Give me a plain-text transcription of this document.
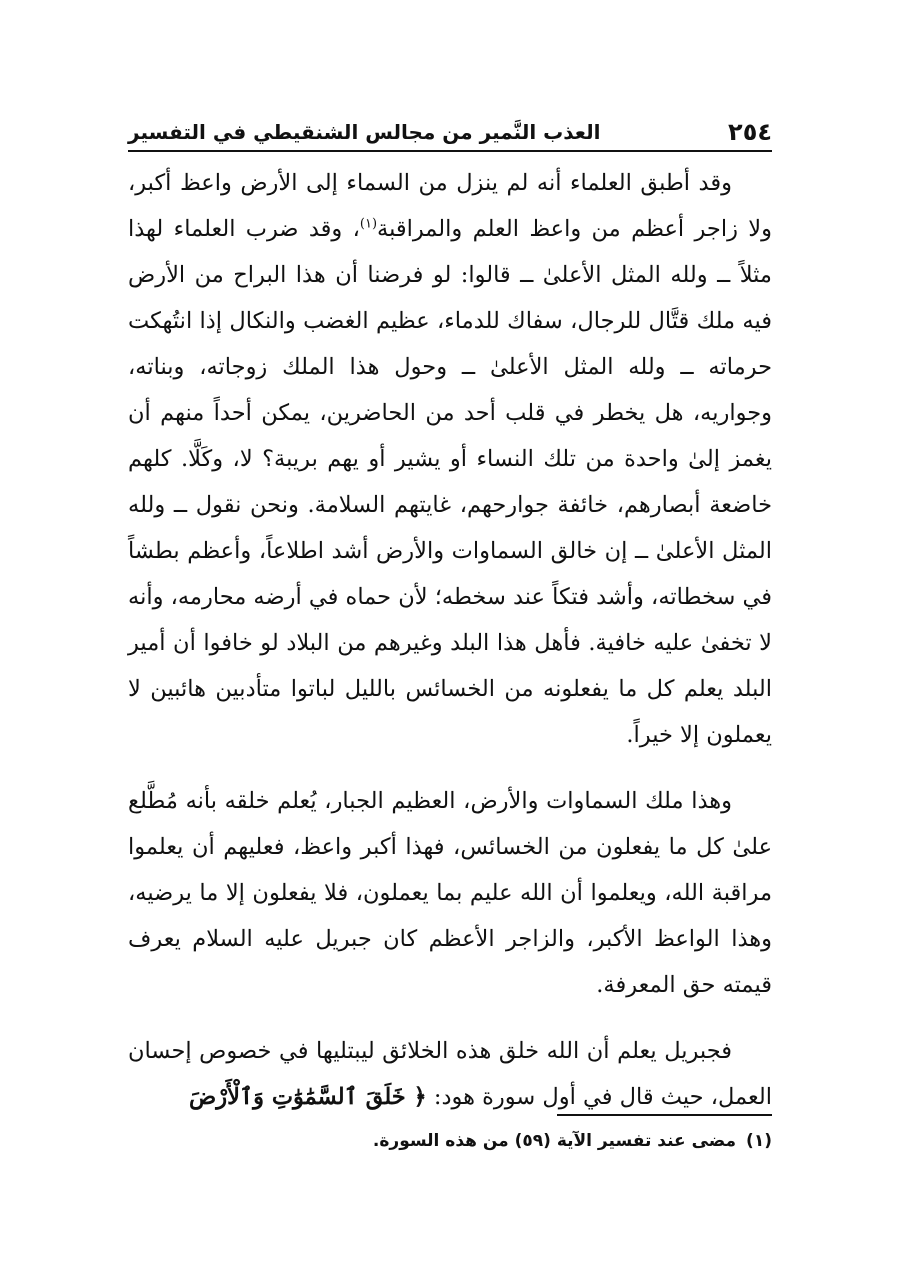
٢٥٤
العذب النَّمير من مجالس الشنقيطي في التفسير

وقد أطبق العلماء أنه لم ينزل من السماء إلى الأرض واعظ أكبر، ولا زاجر أعظم من واعظ العلم والمراقبة$^{(١)}$، وقد ضرب العلماء لهذا مثلاً ــ ولله المثل الأعلىٰ ــ قالوا: لو فرضنا أن هذا البراح من الأرض فيه ملك قتَّال للرجال، سفاك للدماء، عظيم الغضب والنكال إذا انتُهكت حرماته ــ ولله المثل الأعلىٰ ــ وحول هذا الملك زوجاته، وبناته، وجواريه، هل يخطر في قلب أحد من الحاضرين، يمكن أحداً منهم أن يغمز إلىٰ واحدة من تلك النساء أو يشير أو يهم بريبة؟ لا، وكَلَّا. كلهم خاضعة أبصارهم، خائفة جوارحهم، غايتهم السلامة. ونحن نقول ــ ولله المثل الأعلىٰ ــ إن خالق السماوات والأرض أشد اطلاعاً، وأعظم بطشاً في سخطاته، وأشد فتكاً عند سخطه؛ لأن حماه في أرضه محارمه، وأنه لا تخفىٰ عليه خافية. فأهل هذا البلد وغيرهم من البلاد لو خافوا أن أمير البلد يعلم كل ما يفعلونه من الخسائس بالليل لباتوا متأدبين هائبين لا يعملون إلا خيراً.

وهذا ملك السماوات والأرض، العظيم الجبار، يُعلم خلقه بأنه مُطَّلع علىٰ كل ما يفعلون من الخسائس، فهذا أكبر واعظ، فعليهم أن يعلموا مراقبة الله، ويعلموا أن الله عليم بما يعملون، فلا يفعلون إلا ما يرضيه، وهذا الواعظ الأكبر، والزاجر الأعظم كان جبريل عليه السلام يعرف قيمته حق المعرفة.

فجبريل يعلم أن الله خلق هذه الخلائق ليبتليها في خصوص إحسان العمل، حيث قال في أول سورة هود: ﴿ خَلَقَ ٱلسَّمَٰوَٰتِ وَٱلْأَرْضَ

(١)مضى عند تفسير الآية (٥٩) من هذه السورة.
